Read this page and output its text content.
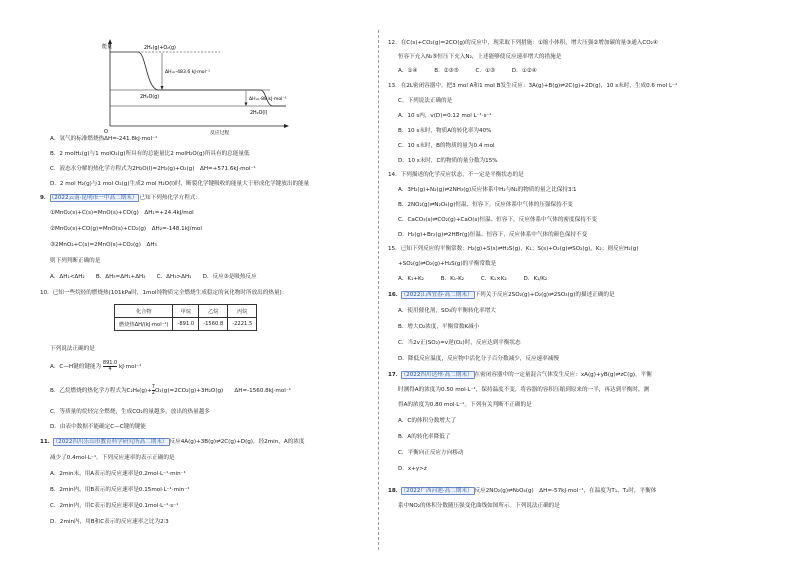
能量
O	反应过程
2H₂(g)+O₂(g)
ΔH=-483.6 kJ·mol⁻¹
2H₂O(g)	ΔH=-88 kJ·mol⁻¹
2H₂O(l)
A．氢气的标准燃烧热ΔH=-241.8kJ·mol⁻¹
B．2 molH₂(g)与1 molO₂(g)所具有的总能量比2 molH₂O(g)所具有的总能量低
C．液态水分解的热化学方程式为2H₂O(l)=2H₂(g)+O₂(g)　ΔH=+571.6kJ·mol⁻¹
D．2 mol H₂(g)与1 mol O₂(g)生成2 mol H₂O(l)时，断裂化学键吸收的能量大于形成化学键放出的能量
9． （2022云南·昆明市一中高二期末） 已知下列热化学方程式：
①MnO₂(s)+C(s)=MnO(s)+CO(g)　ΔH₁=+24.4kJ/mol
②MnO₂(s)+CO(g)=MnO(s)+CO₂(g)　ΔH₂=-148.1kJ/mol
③2MnO₂+C(s)=2MnO(s)+CO₂(g)　ΔH₃
则下列判断正确的是
A．ΔH₁<ΔH₂　　B．ΔH₃=ΔH₁+ΔH₂　　C．ΔH₃>ΔH₁　　D．反应③是吸热反应
10．已知一些烷烃的燃烧热(101kPa时，1mol纯物质完全燃烧生成稳定的氧化物时所放出的热量)：
化合物	甲烷	乙烷	丙烷
燃烧热ΔH/(kJ·mol⁻¹)	-891.0	-1560.8	-2221.5
下列说法正确的是
A．C—H键的键能为 $\frac{891.0}{4} kJ\cdot mol^{-1}$
B．乙烷燃烧的热化学方程式为$C_2H_6(g)+ \frac{7}{2} O_2(g)=2CO_2(g)+3H_2O(g)$　　ΔH=-1560.8kJ·mol⁻¹
C．等质量的烷烃完全燃烧，生成CO₂的量越多，放出的热量越多
D．由表中数据不能确定C—C键的键能
11． （2022四川乐山市教育科学研究所高二期末） 反应4A(g)+3B(g)⇌2C(g)+D(g)，经2min，A的浓度
减少了0.4mol·L⁻¹。下列反应速率的表示正确的是
A．2min末，用A表示的反应速率是0.2mol·L⁻¹·min⁻¹
B．2min内，用B表示的反应速率是0.15mol·L⁻¹·min⁻¹
C．2min内，用C表示的反应速率是0.1mol·L⁻¹·s⁻¹
D．2min内，用B和C表示的反应速率之比为2∶3
12．在C(s)+CO₂(g)=2CO(g)的反应中，现采取下列措施：①缩小体积，增大压强②增加碳的量③通入CO₂④
恒容下充入N₂⑤恒压下充入N₂，上述能够使反应速率增大的措施是
A．①④　　　B．②③⑤　　　C．①③　　　D．①②④
13．在2L密闭容器中，把3 mol A和1 mol B发生反应：3A(g)+B(g)⇌2C(g)+2D(g)，10 s末时，生成0.6 mol L⁻¹
C。下列说法正确的是
A．10 s内，v(D)=0.12 mol L⁻¹·s⁻¹
B．10 s末时，物质A的转化率为40%
C．10 s末时，B的物质的量为0.4 mol
D．10 s末时，C的物质的量分数为15%
14．下列描述的化学反应状态，不一定是平衡状态的是
A．3H₂(g)+N₂(g)⇌2NH₃(g)反应体系中H₂与N₂的物质的量之比保持3∶1
B．2NO₂(g)⇌N₂O₄(g)恒温、恒容下，反应体系中气体的压强保持不变
C．CaCO₃(s)⇌CO₂(g)+CaO(s)恒温、恒容下，反应体系中气体的密度保持不变
D．H₂(g)+Br₂(g)⇌2HBr(g)恒温、恒容下，反应体系中气体的颜色保持不变
15．已知下列反应的平衡常数：H₂(g)+S(s)⇌H₂S(g)，K₁；S(s)+O₂(g)⇌SO₂(g)，K₂；则反应H₂(g)
+SO₂(g)⇌O₂(g)+H₂S(g)的平衡常数是
A．K₁+K₂　　　B．K₁-K₂　　　C．K₁×K₂　　　D．K₁/K₂
16． （2022江西宜春·高二期末） 下列关于反应2SO₂(g)+O₂(g)⇌2SO₃(g)的描述正确的是
A．使用催化剂，SO₃的平衡转化率增大
B．增大O₂浓度，平衡常数K减小
C．当2v正(SO₂)=v逆(O₂)时，反应达到平衡状态
D．降低反应温度，反应物中活化分子百分数减少，反应速率减慢
17． （2022四川达州·高二期末） 在密闭容器中的一定量混合气体发生反应：xA(g)+yB(g)⇌zC(g)，平衡
时测得A的浓度为0.50 mol·L⁻¹，保持温度不变，将容器的容积压缩到原来的一半，再达到平衡时，测
得A的浓度为0.80 mol·L⁻¹。下列有关判断不正确的是
A．C的体积分数增大了
B．A的转化率降低了
C．平衡向正反应方向移动
D．x+y>z
18． （2022广西河池·高二期末） 反应2NO₂(g)⇌N₂O₄(g)　ΔH=-57kJ·mol⁻¹，在温度为T₁、T₂时，平衡体
系中NO₂的体积分数随压强变化曲线如图所示。下列说法正确的是
